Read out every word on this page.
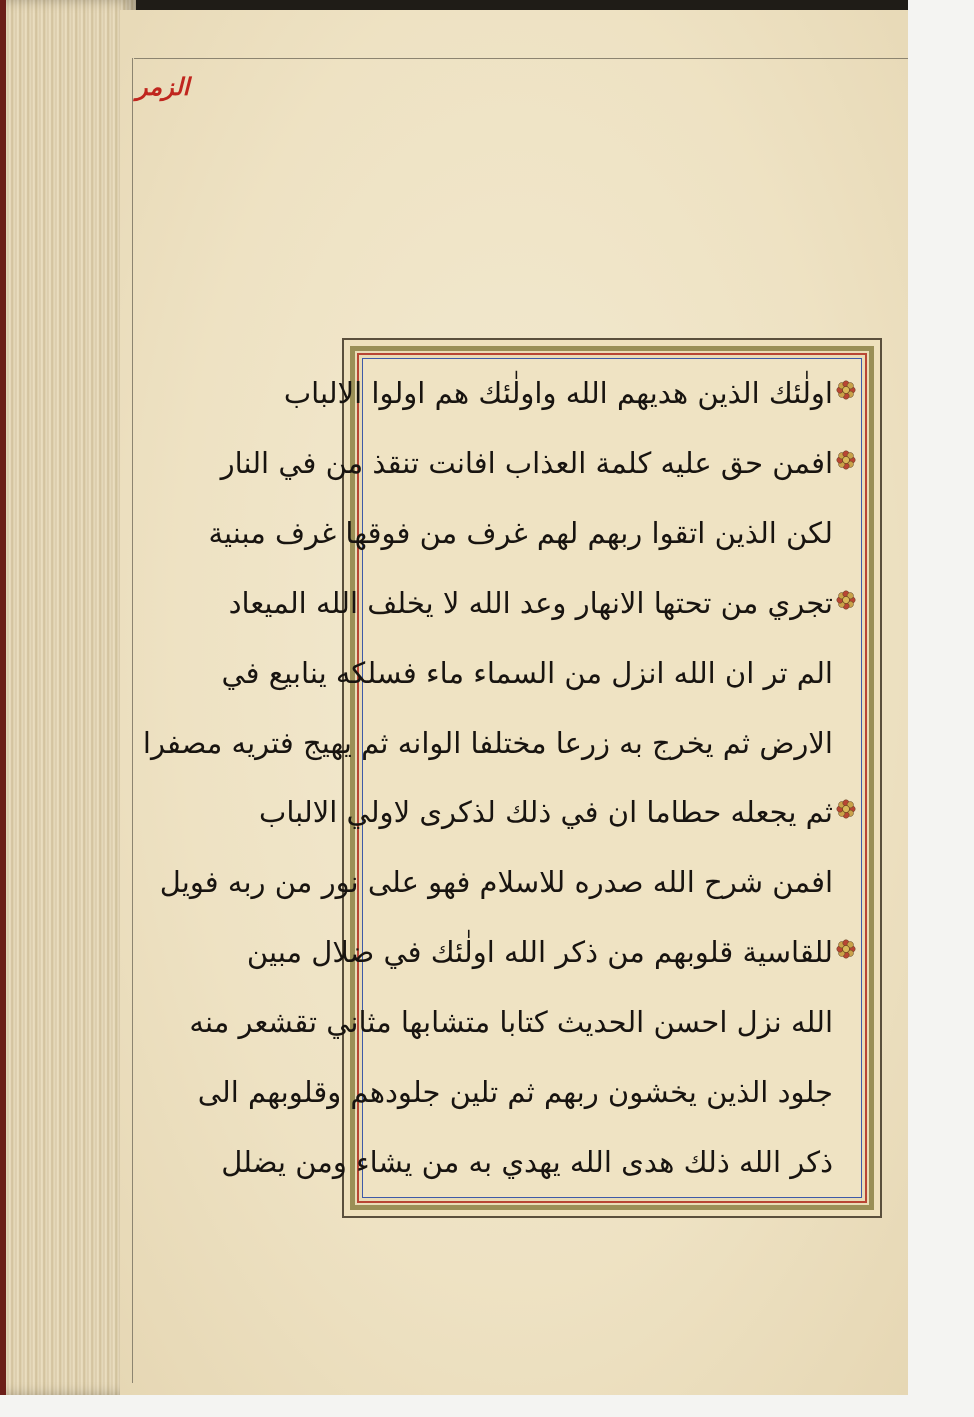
الزمر
اولٰئك الذين هديهم الله واولٰئك هم اولوا الالباب
افمن حق عليه كلمة العذاب افانت تنقذ من في النار
لكن الذين اتقوا ربهم لهم غرف من فوقها غرف مبنية
تجري من تحتها الانهار وعد الله لا يخلف الله الميعاد
الم تر ان الله انزل من السماء ماء فسلكه ينابيع في
الارض ثم يخرج به زرعا مختلفا الوانه ثم يهيج فتريه مصفرا
ثم يجعله حطاما ان في ذلك لذكرى لاولي الالباب
افمن شرح الله صدره للاسلام فهو على نور من ربه فويل
للقاسية قلوبهم من ذكر الله اولٰئك في ضلال مبين
الله نزل احسن الحديث كتابا متشابها مثاني تقشعر منه
جلود الذين يخشون ربهم ثم تلين جلودهم وقلوبهم الى
ذكر الله ذلك هدى الله يهدي به من يشاء ومن يضلل
